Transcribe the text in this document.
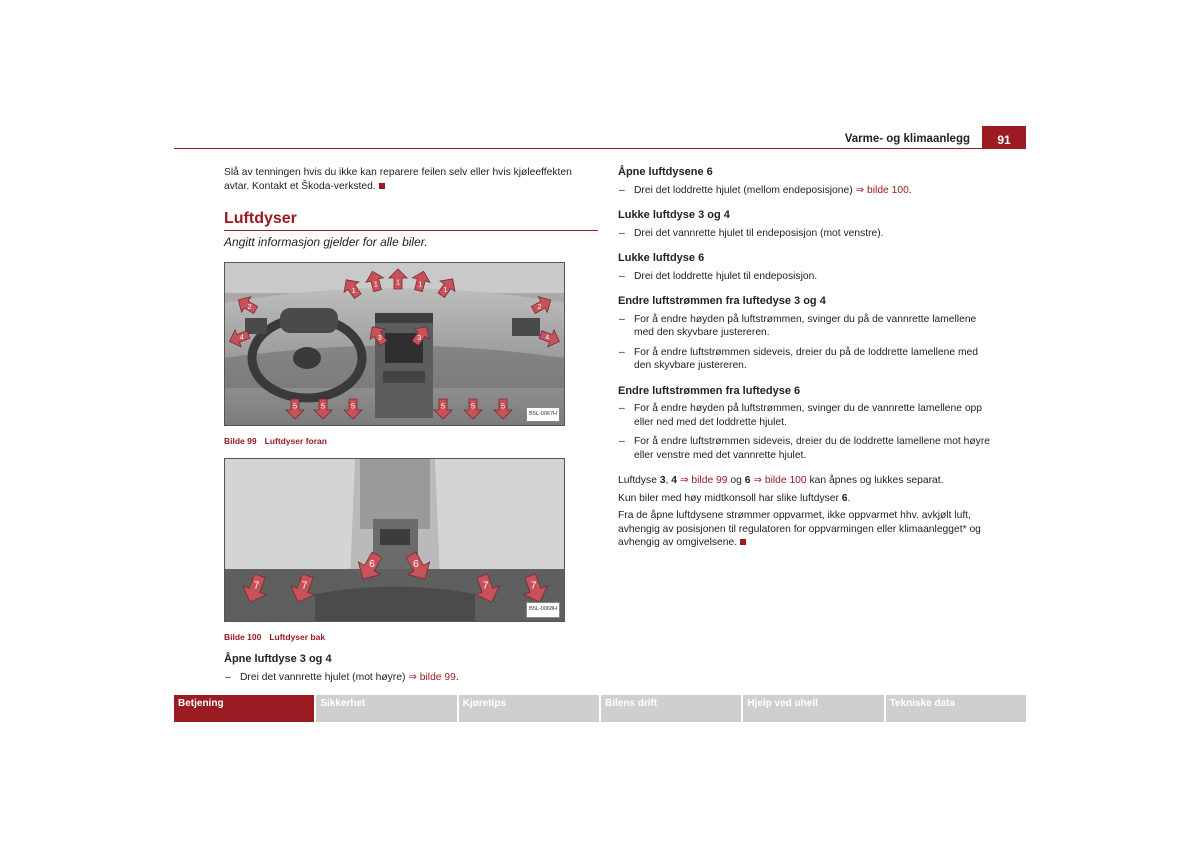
Varme- og klimaanlegg	91

Slå av tenningen hvis du ikke kan reparere feilen selv eller hvis kjøleeffekten avtar. Kontakt et Škoda-verksted.

Luftdyser
Angitt informasjon gjelder for alle biler.
1
1 1 1
1
2	2
3	3
4	4
5	5	5	5	5	5
B5L-0067H
Bilde 99 Luftdyser foran
6	6
7	7	7	7
B5L-0068H
Bilde 100 Luftdyser bak
Åpne luftdyse 3 og 4
– Drei det vannrette hjulet (mot høyre) ⇒ bilde 99.
Åpne luftdysene 6
– Drei det loddrette hjulet (mellom endeposisjone) ⇒ bilde 100.
Lukke luftdyse 3 og 4
– Drei det vannrette hjulet til endeposisjon (mot venstre).
Lukke luftdyse 6
– Drei det loddrette hjulet til endeposisjon.
Endre luftstrømmen fra luftedyse 3 og 4
– For å endre høyden på luftstrømmen, svinger du på de vannrette lamellene med den skyvbare justereren.
– For å endre luftstrømmen sideveis, dreier du på de loddrette lamellene med den skyvbare justereren.
Endre luftstrømmen fra luftedyse 6
– For å endre høyden på luftstrømmen, svinger du de vannrette lamellene opp eller ned med det loddrette hjulet.
– For å endre luftstrømmen sideveis, dreier du de loddrette lamellene mot høyre eller venstre med det vannrette hjulet.

Luftdyse 3, 4 ⇒ bilde 99 og 6 ⇒ bilde 100 kan åpnes og lukkes separat.

Kun biler med høy midtkonsoll har slike luftdyser 6.

Fra de åpne luftdysene strømmer oppvarmet, ikke oppvarmet hhv. avkjølt luft, avhengig av posisjonen til regulatoren for oppvarmingen eller klimaanlegget* og avhengig av omgivelsene.

Betjening	Sikkerhet	Kjøretips	Bilens drift	Hjelp ved uhell	Tekniske data
